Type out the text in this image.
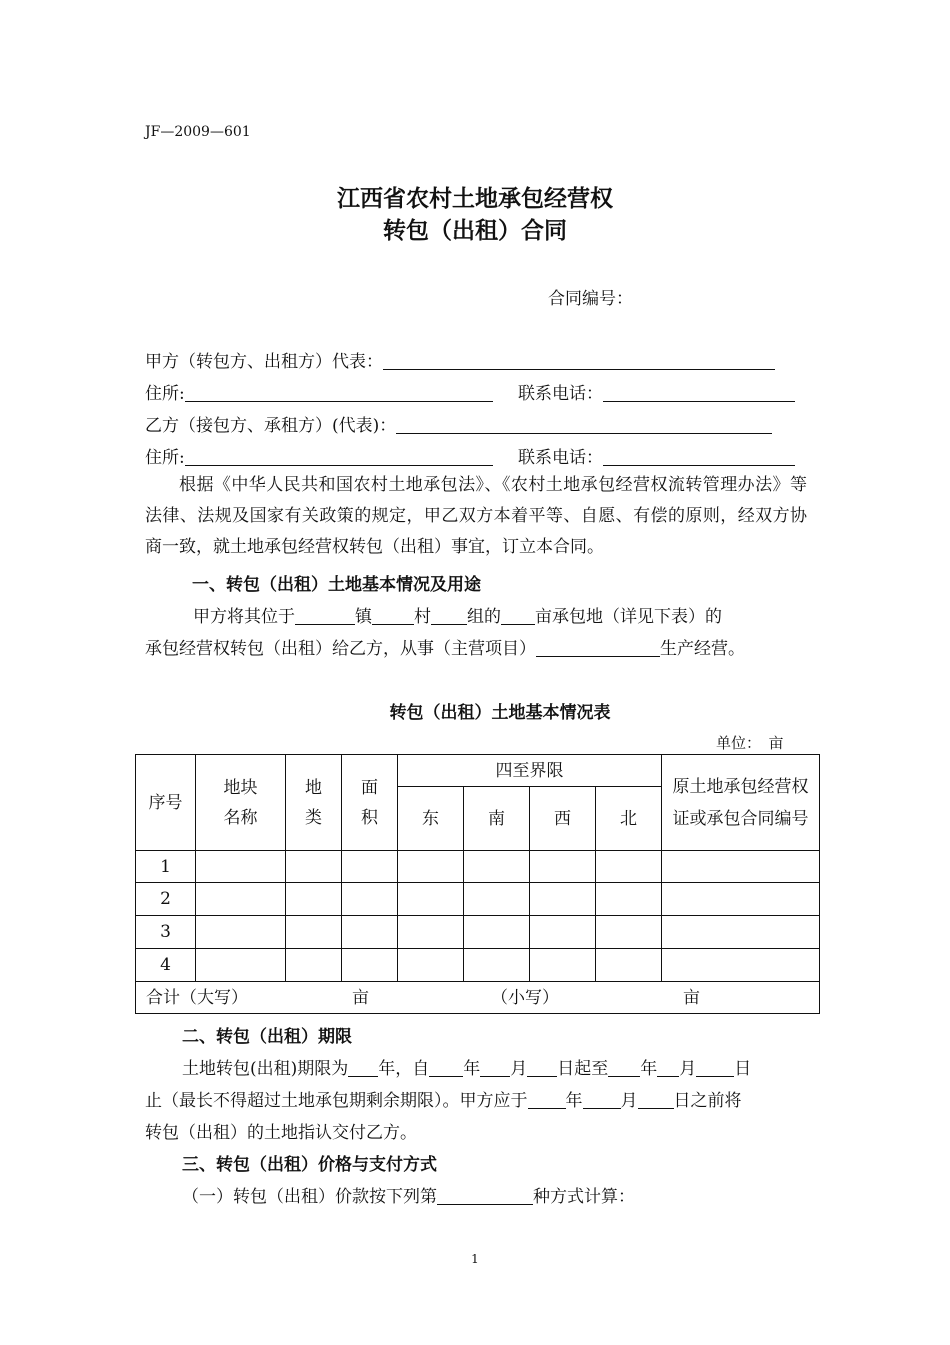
JF—2009—601
江西省农村土地承包经营权
转包（出租）合同
合同编号：
甲方（转包方、出租方）代表：
住所:	联系电话：
乙方（接包方、承租方）(代表)：
住所:	联系电话：
根据《中华人民共和国农村土地承包法》、《农村土地承包经营权流转管理办法》等法律、法规及国家有关政策的规定，甲乙双方本着平等、自愿、有偿的原则，经双方协商一致，就土地承包经营权转包（出租）事宜，订立本合同。
一、转包（出租）土地基本情况及用途
甲方将其位于	镇 村 组的 亩承包地（详见下表）的
承包经营权转包（出租）给乙方，从事（主营项目）	生产经营。
转包（出租）土地基本情况表
单位：　亩
序号	地块名称	地类	面积	四至界限				原土地承包经营权证或承包合同编号
				东	南	西	北	
1								
2								
3								
4								
合计（大写） 亩 （小写） 亩								
二、转包（出租）期限
土地转包(出租)期限为 年，自 年 月 日起至 年 月 日
止（最长不得超过土地承包期剩余期限）。甲方应于 年 月 日之前将
转包（出租）的土地指认交付乙方。
三、转包（出租）价格与支付方式
（一）转包（出租）价款按下列第	种方式计算：
1
